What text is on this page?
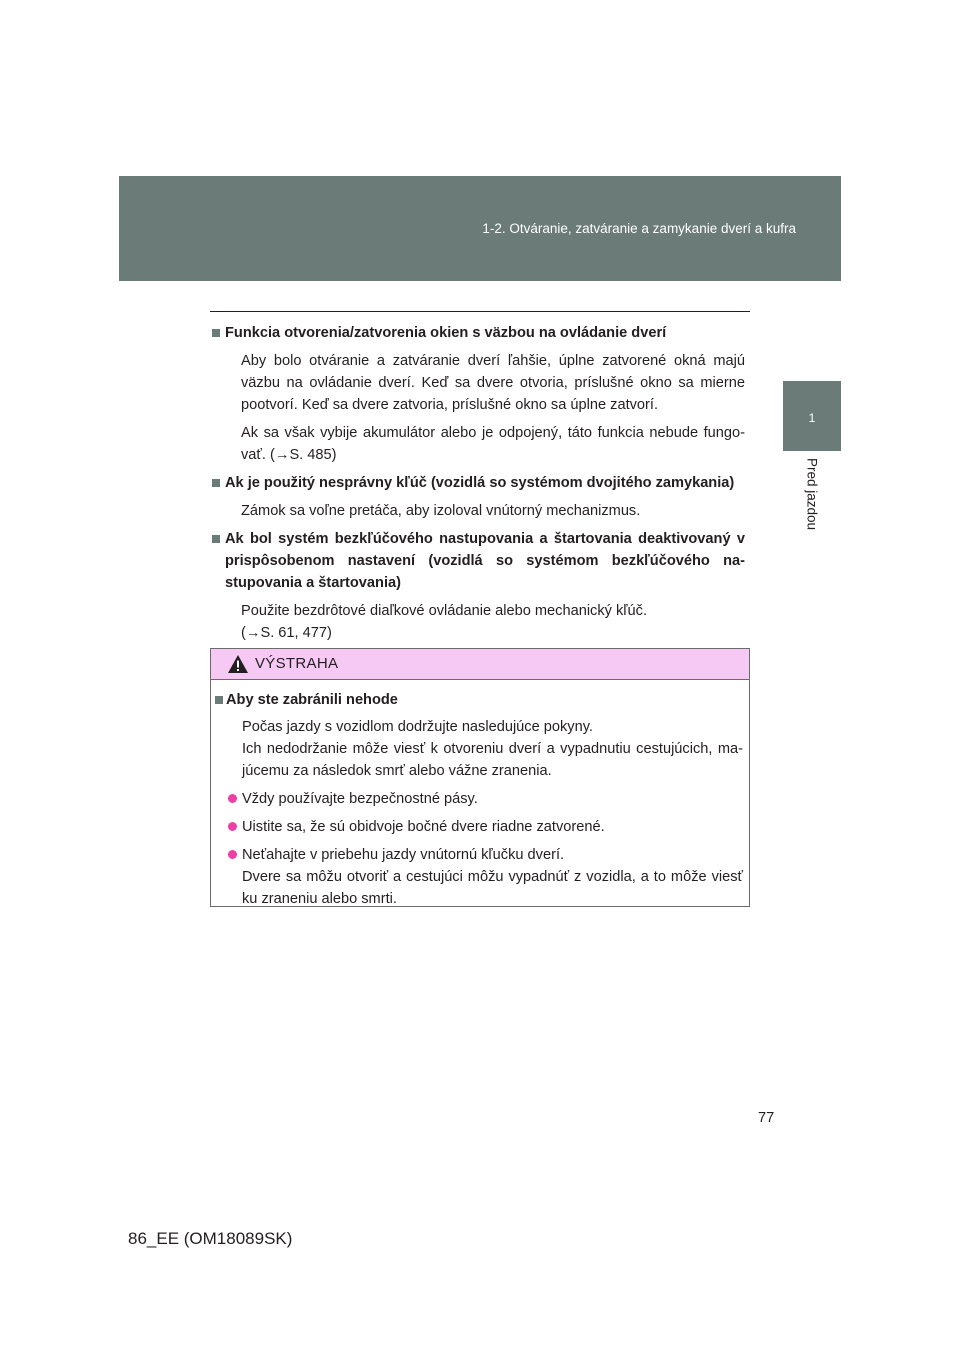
1-2. Otváranie, zatváranie a zamykanie dverí a kufra
1
Pred jazdou

Funkcia otvorenia/zatvorenia okien s väzbou na ovládanie dverí

Aby bolo otváranie a zatváranie dverí ľahšie, úplne zatvorené okná majú väzbu na ovládanie dverí. Keď sa dvere otvoria, príslušné okno sa mierne pootvorí. Keď sa dvere zatvoria, príslušné okno sa úplne zatvorí.

Ak sa však vybije akumulátor alebo je odpojený, táto funkcia nebude fungo-vať. (→S. 485)

Ak je použitý nesprávny kľúč (vozidlá so systémom dvojitého zamykania)

Zámok sa voľne pretáča, aby izoloval vnútorný mechanizmus.

Ak bol systém bezkľúčového nastupovania a štartovania deaktivovaný v prispôsobenom nastavení (vozidlá so systémom bezkľúčového na-stupovania a štartovania)

Použite bezdrôtové diaľkové ovládanie alebo mechanický kľúč.
(→S. 61, 477)

VÝSTRAHA

Aby ste zabránili nehode

Počas jazdy s vozidlom dodržujte nasledujúce pokyny.
Ich nedodržanie môže viesť k otvoreniu dverí a vypadnutiu cestujúcich, ma-júcemu za následok smrť alebo vážne zranenia.

Vždy používajte bezpečnostné pásy.

Uistite sa, že sú obidvoje bočné dvere riadne zatvorené.

Neťahajte v priebehu jazdy vnútornú kľučku dverí.
Dvere sa môžu otvoriť a cestujúci môžu vypadnúť z vozidla, a to môže viesť ku zraneniu alebo smrti.

77
86_EE (OM18089SK)
